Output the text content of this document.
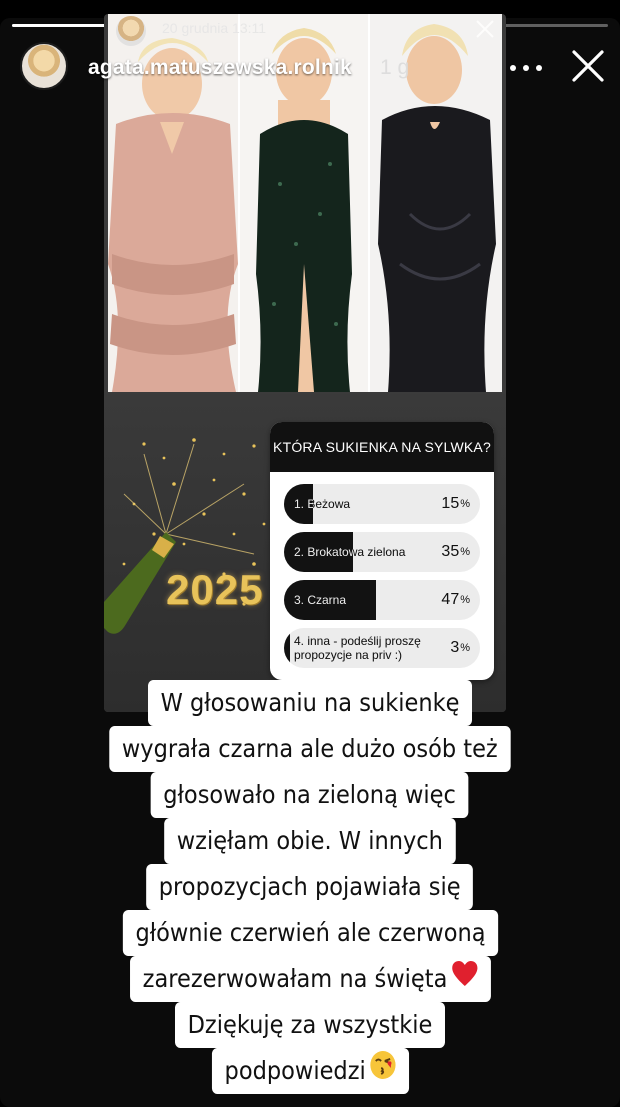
20 grudnia 13:11
2025
KTÓRA SUKIENKA NA SYLWKA?
1. Beżowa	15 %
2. Brokatowa zielona	35 %
3. Czarna	47 %
4. inna - podeślij proszę propozycje na priv :)	3 %
agata.matuszewska.rolnik 1 g
W głosowaniu na sukienkę
wygrała czarna ale dużo osób też
głosowało na zieloną więc
wzięłam obie. W innych
propozycjach pojawiała się
głównie czerwień ale czerwoną
zarezerwowałam na święta
Dziękuję za wszystkie
podpowiedzi
